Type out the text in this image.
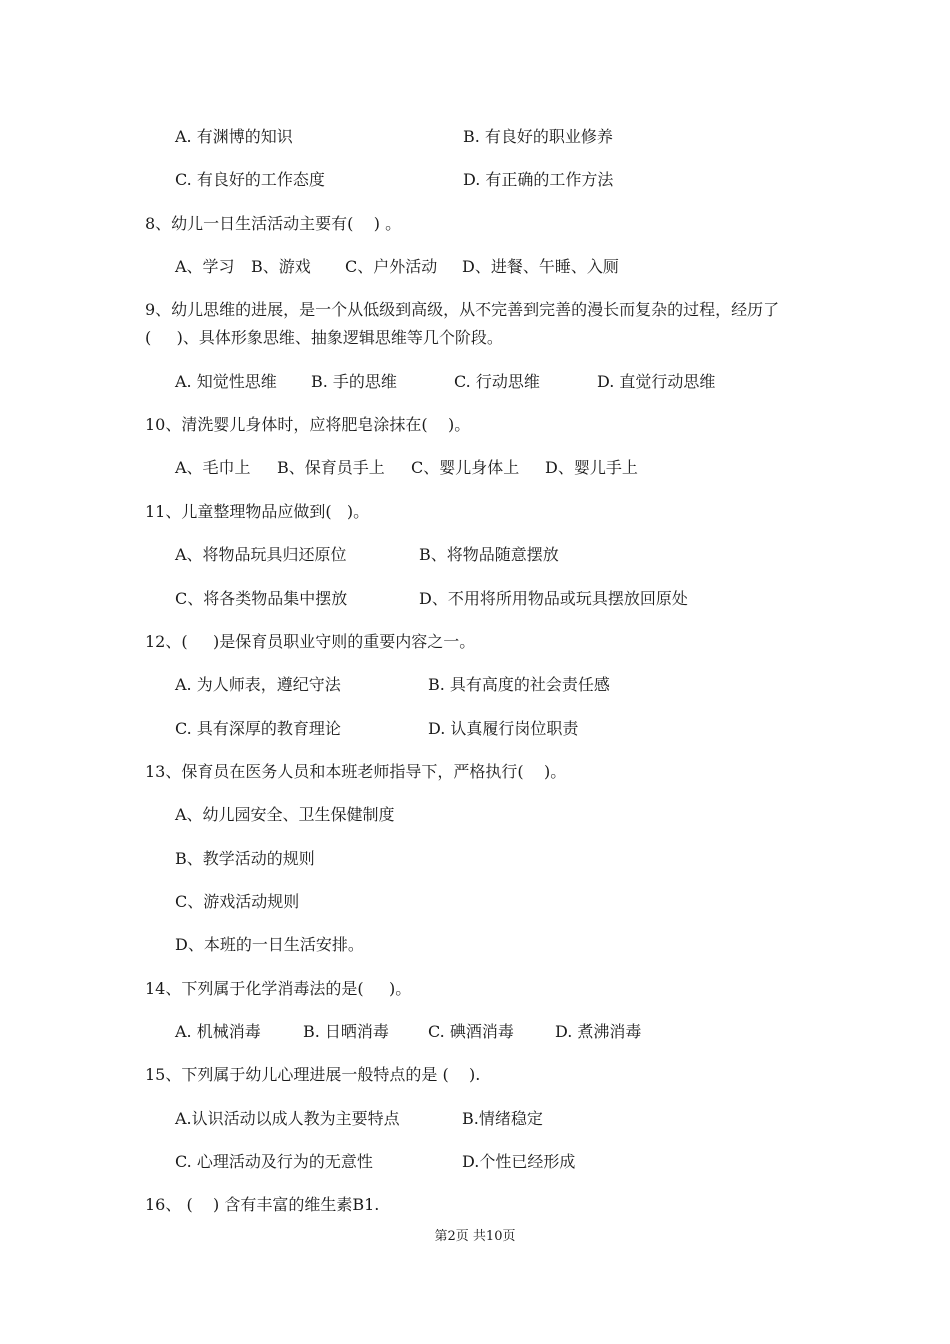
A. 有渊博的知识	B. 有良好的职业修养
C. 有良好的工作态度	D. 有正确的工作方法
8、幼儿一日生活活动主要有(    ) 。
A、学习 B、游戏 C、户外活动 D、进餐、午睡、入厕
9、幼儿思维的进展，是一个从低级到高级，从不完善到完善的漫长而复杂的过程，经历了
(     )、具体形象思维、抽象逻辑思维等几个阶段。
A. 知觉性思维 B. 手的思维	C. 行动思维	D. 直觉行动思维
10、清洗婴儿身体时，应将肥皂涂抹在(    )。
A、毛巾上 B、保育员手上 C、婴儿身体上 D、婴儿手上
11、儿童整理物品应做到(   )。
A、将物品玩具归还原位	B、将物品随意摆放
C、将各类物品集中摆放	D、不用将所用物品或玩具摆放回原处
12、(     )是保育员职业守则的重要内容之一。
A. 为人师表，遵纪守法	B. 具有高度的社会责任感
C. 具有深厚的教育理论	D. 认真履行岗位职责
13、保育员在医务人员和本班老师指导下，严格执行(    )。
A、幼儿园安全、卫生保健制度
B、教学活动的规则
C、游戏活动规则
D、本班的一日生活安排。
14、下列属于化学消毒法的是(     )。
A. 机械消毒	B. 日晒消毒 C. 碘酒消毒	D. 煮沸消毒
15、下列属于幼儿心理进展一般特点的是 (    ).
A.认识活动以成人教为主要特点	B.情绪稳定
C. 心理活动及行为的无意性	D.个性已经形成
16、 (    ) 含有丰富的维生素B1.
第2页 共10页
